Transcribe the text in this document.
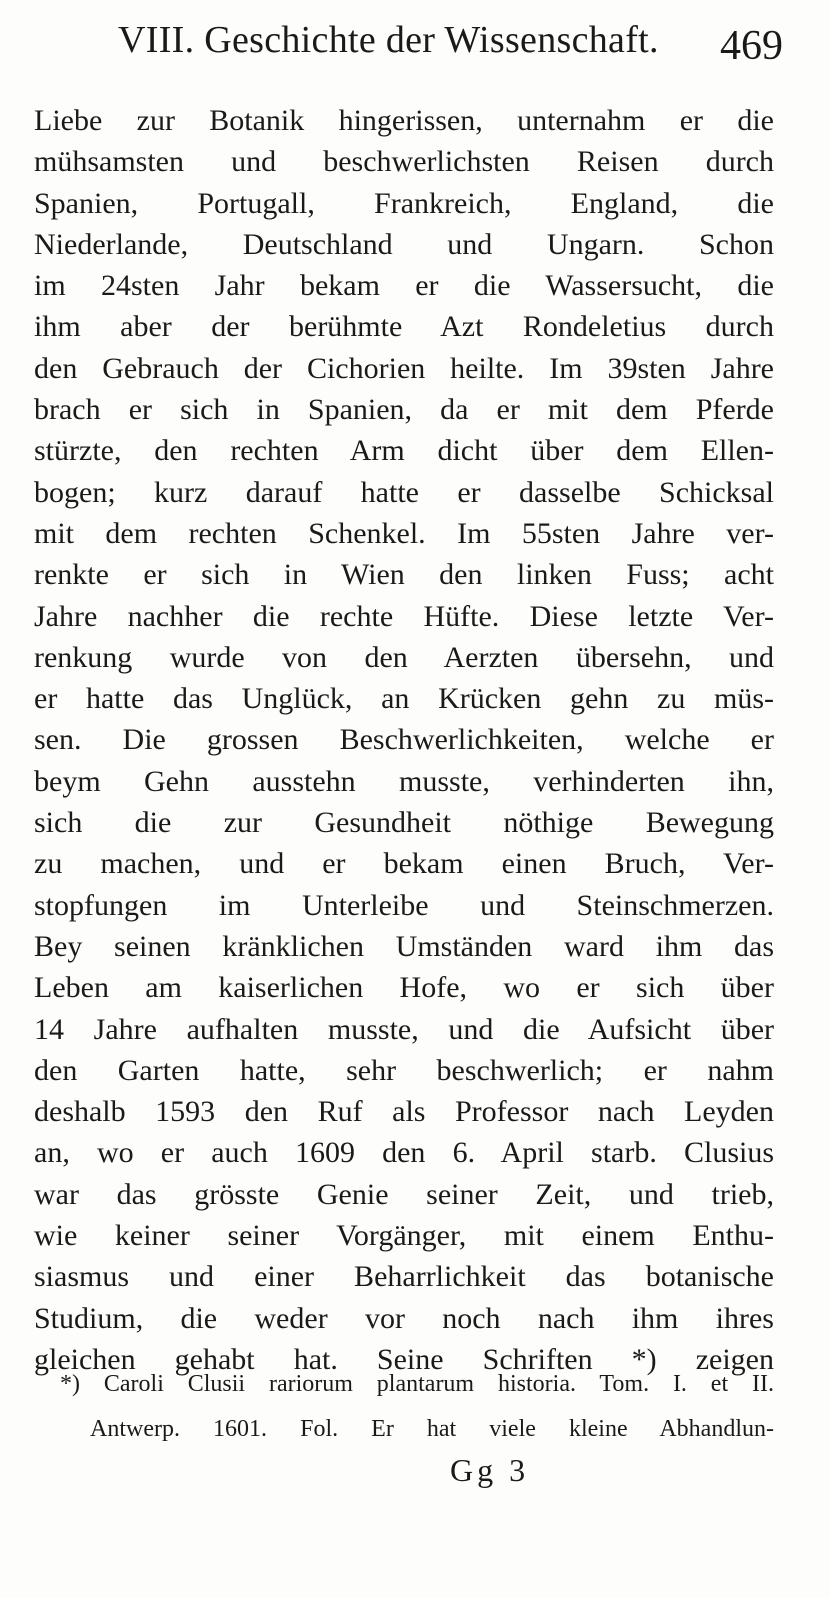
VIII. Geschichte der Wissenschaft. 469
Liebe zur Botanik hingerissen, unternahm er die
mühsamsten und beschwerlichsten Reisen durch
Spanien, Portugall, Frankreich, England, die
Niederlande, Deutschland und Ungarn. Schon
im 24sten Jahr bekam er die Wassersucht, die
ihm aber der berühmte Azt Rondeletius durch
den Gebrauch der Cichorien heilte. Im 39sten Jahre
brach er sich in Spanien, da er mit dem Pferde
stürzte, den rechten Arm dicht über dem Ellen-
bogen; kurz darauf hatte er dasselbe Schicksal
mit dem rechten Schenkel. Im 55sten Jahre ver-
renkte er sich in Wien den linken Fuss; acht
Jahre nachher die rechte Hüfte. Diese letzte Ver-
renkung wurde von den Aerzten übersehn, und
er hatte das Unglück, an Krücken gehn zu müs-
sen. Die grossen Beschwerlichkeiten, welche er
beym Gehn ausstehn musste, verhinderten ihn,
sich die zur Gesundheit nöthige Bewegung
zu machen, und er bekam einen Bruch, Ver-
stopfungen im Unterleibe und Steinschmerzen.
Bey seinen kränklichen Umständen ward ihm das
Leben am kaiserlichen Hofe, wo er sich über
14 Jahre aufhalten musste, und die Aufsicht über
den Garten hatte, sehr beschwerlich; er nahm
deshalb 1593 den Ruf als Professor nach Leyden
an, wo er auch 1609 den 6. April starb. Clusius
war das grösste Genie seiner Zeit, und trieb,
wie keiner seiner Vorgänger, mit einem Enthu-
siasmus und einer Beharrlichkeit das botanische
Studium, die weder vor noch nach ihm ihres
gleichen gehabt hat. Seine Schriften *) zeigen
*) Caroli Clusii rariorum plantarum historia. Tom. I. et II.
Antwerp. 1601. Fol. Er hat viele kleine Abhandlun-
Gg 3
